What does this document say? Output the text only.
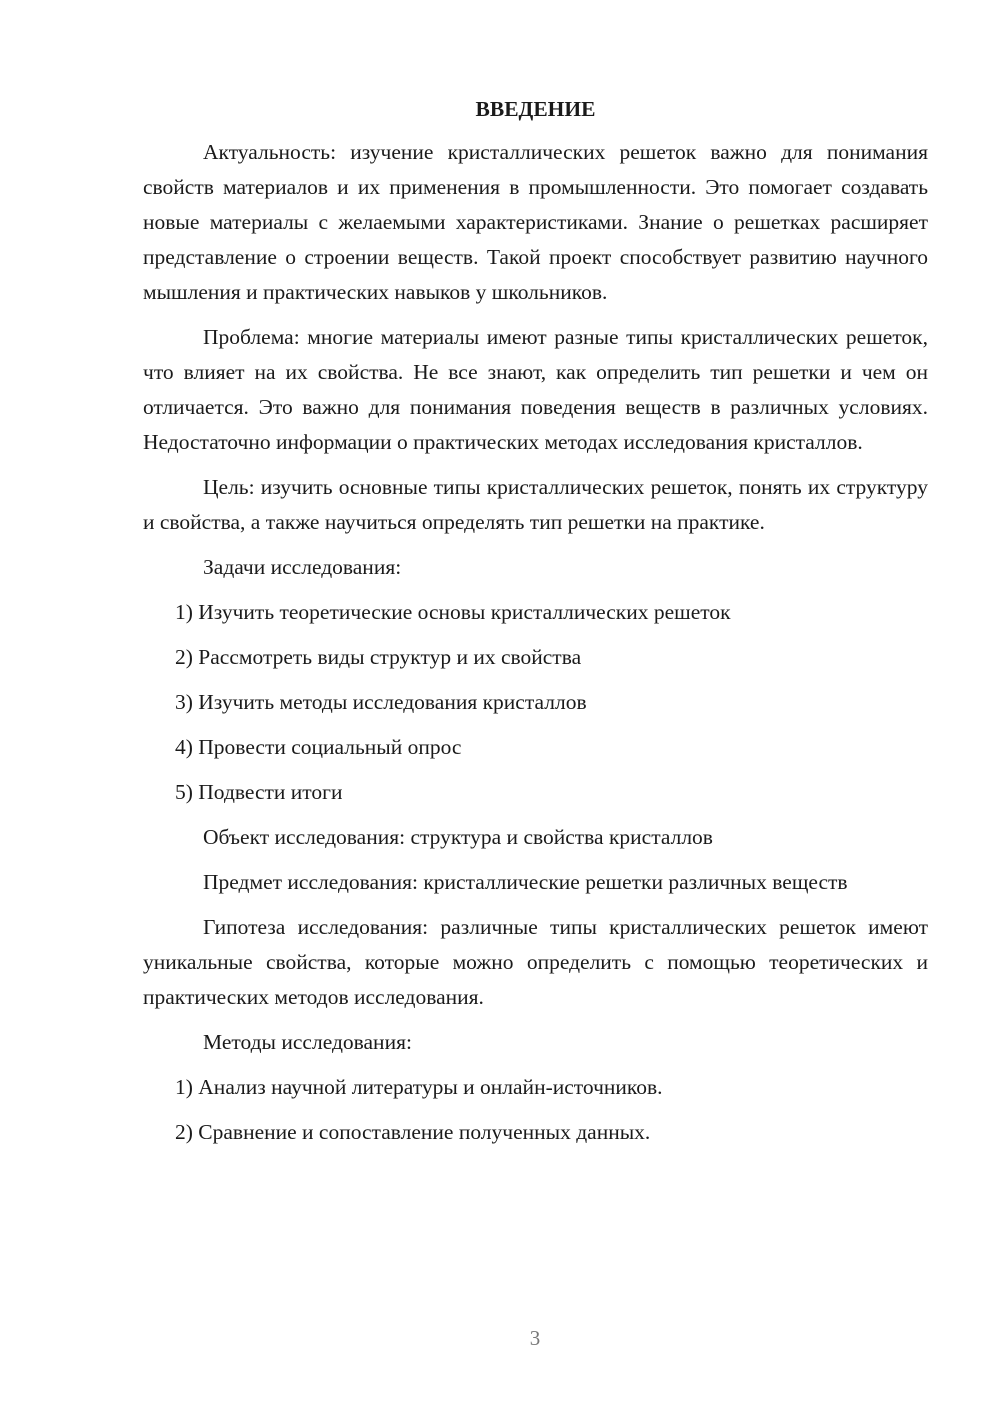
ВВЕДЕНИЕ

Актуальность: изучение кристаллических решеток важно для понимания свойств материалов и их применения в промышленности. Это помогает создавать новые материалы с желаемыми характеристиками. Знание о решетках расширяет представление о строении веществ. Такой проект способствует развитию научного мышления и практических навыков у школьников.

Проблема: многие материалы имеют разные типы кристаллических решеток, что влияет на их свойства. Не все знают, как определить тип решетки и чем он отличается. Это важно для понимания поведения веществ в различных условиях. Недостаточно информации о практических методах исследования кристаллов.

Цель: изучить основные типы кристаллических решеток, понять их структуру и свойства, а также научиться определять тип решетки на практике.

Задачи исследования:

1) Изучить теоретические основы кристаллических решеток

2) Рассмотреть виды структур и их свойства

3) Изучить методы исследования кристаллов

4) Провести социальный опрос

5) Подвести итоги

Объект исследования: структура и свойства кристаллов

Предмет исследования: кристаллические решетки различных веществ

Гипотеза исследования: различные типы кристаллических решеток имеют уникальные свойства, которые можно определить с помощью теоретических и практических методов исследования.

Методы исследования:

1) Анализ научной литературы и онлайн-источников.

2) Сравнение и сопоставление полученных данных.

3
